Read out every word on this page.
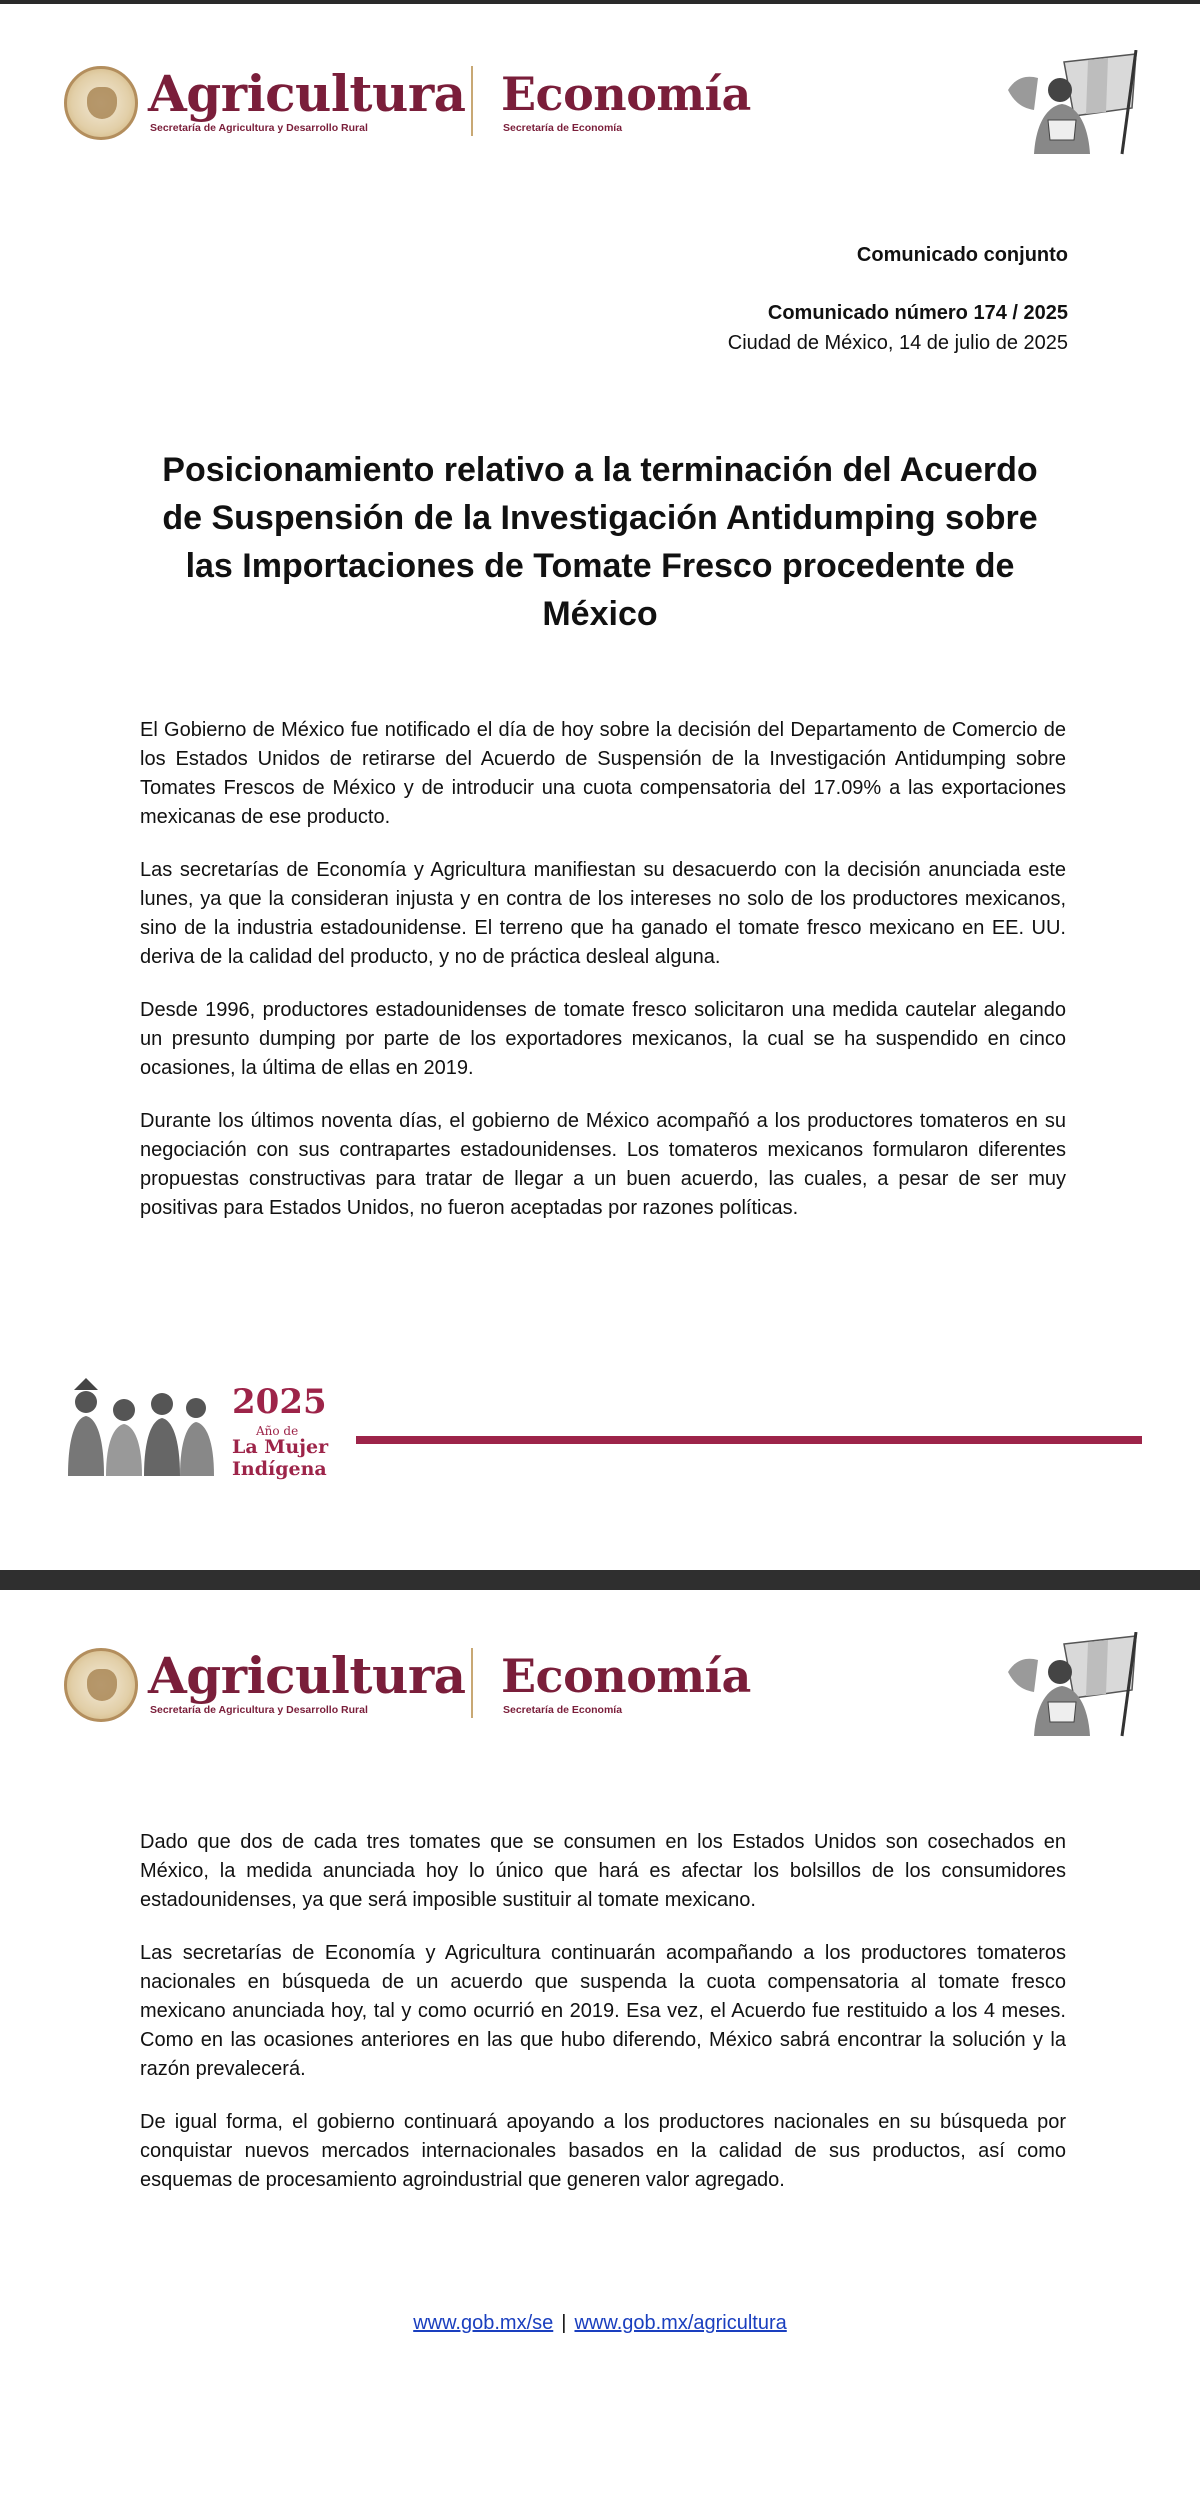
Agricultura
Secretaría de Agricultura y Desarrollo Rural
Economía
Secretaría de Economía
Comunicado conjunto
Comunicado número 174 / 2025
Ciudad de México, 14 de julio de 2025
Posicionamiento relativo a la terminación del Acuerdo de Suspensión de la Investigación Antidumping sobre las Importaciones de Tomate Fresco procedente de México

El Gobierno de México fue notificado el día de hoy sobre la decisión del Departamento de Comercio de los Estados Unidos de retirarse del Acuerdo de Suspensión de la Investigación Antidumping sobre Tomates Frescos de México y de introducir una cuota compensatoria del 17.09% a las exportaciones mexicanas de ese producto.

Las secretarías de Economía y Agricultura manifiestan su desacuerdo con la decisión anunciada este lunes, ya que la consideran injusta y en contra de los intereses no solo de los productores mexicanos, sino de la industria estadounidense. El terreno que ha ganado el tomate fresco mexicano en EE. UU. deriva de la calidad del producto, y no de práctica desleal alguna.

Desde 1996, productores estadounidenses de tomate fresco solicitaron una medida cautelar alegando un presunto dumping por parte de los exportadores mexicanos, la cual se ha suspendido en cinco ocasiones, la última de ellas en 2019.

Durante los últimos noventa días, el gobierno de México acompañó a los productores tomateros en su negociación con sus contrapartes estadounidenses. Los tomateros mexicanos formularon diferentes propuestas constructivas para tratar de llegar a un buen acuerdo, las cuales, a pesar de ser muy positivas para Estados Unidos, no fueron aceptadas por razones políticas.

2025
Año de
La Mujer
Indígena
Agricultura
Secretaría de Agricultura y Desarrollo Rural
Economía
Secretaría de Economía

Dado que dos de cada tres tomates que se consumen en los Estados Unidos son cosechados en México, la medida anunciada hoy lo único que hará es afectar los bolsillos de los consumidores estadounidenses, ya que será imposible sustituir al tomate mexicano.

Las secretarías de Economía y Agricultura continuarán acompañando a los productores tomateros nacionales en búsqueda de un acuerdo que suspenda la cuota compensatoria al tomate fresco mexicano anunciada hoy, tal y como ocurrió en 2019. Esa vez, el Acuerdo fue restituido a los 4 meses. Como en las ocasiones anteriores en las que hubo diferendo, México sabrá encontrar la solución y la razón prevalecerá.

De igual forma, el gobierno continuará apoyando a los productores nacionales en su búsqueda por conquistar nuevos mercados internacionales basados en la calidad de sus productos, así como esquemas de procesamiento agroindustrial que generen valor agregado.

www.gob.mx/se | www.gob.mx/agricultura
